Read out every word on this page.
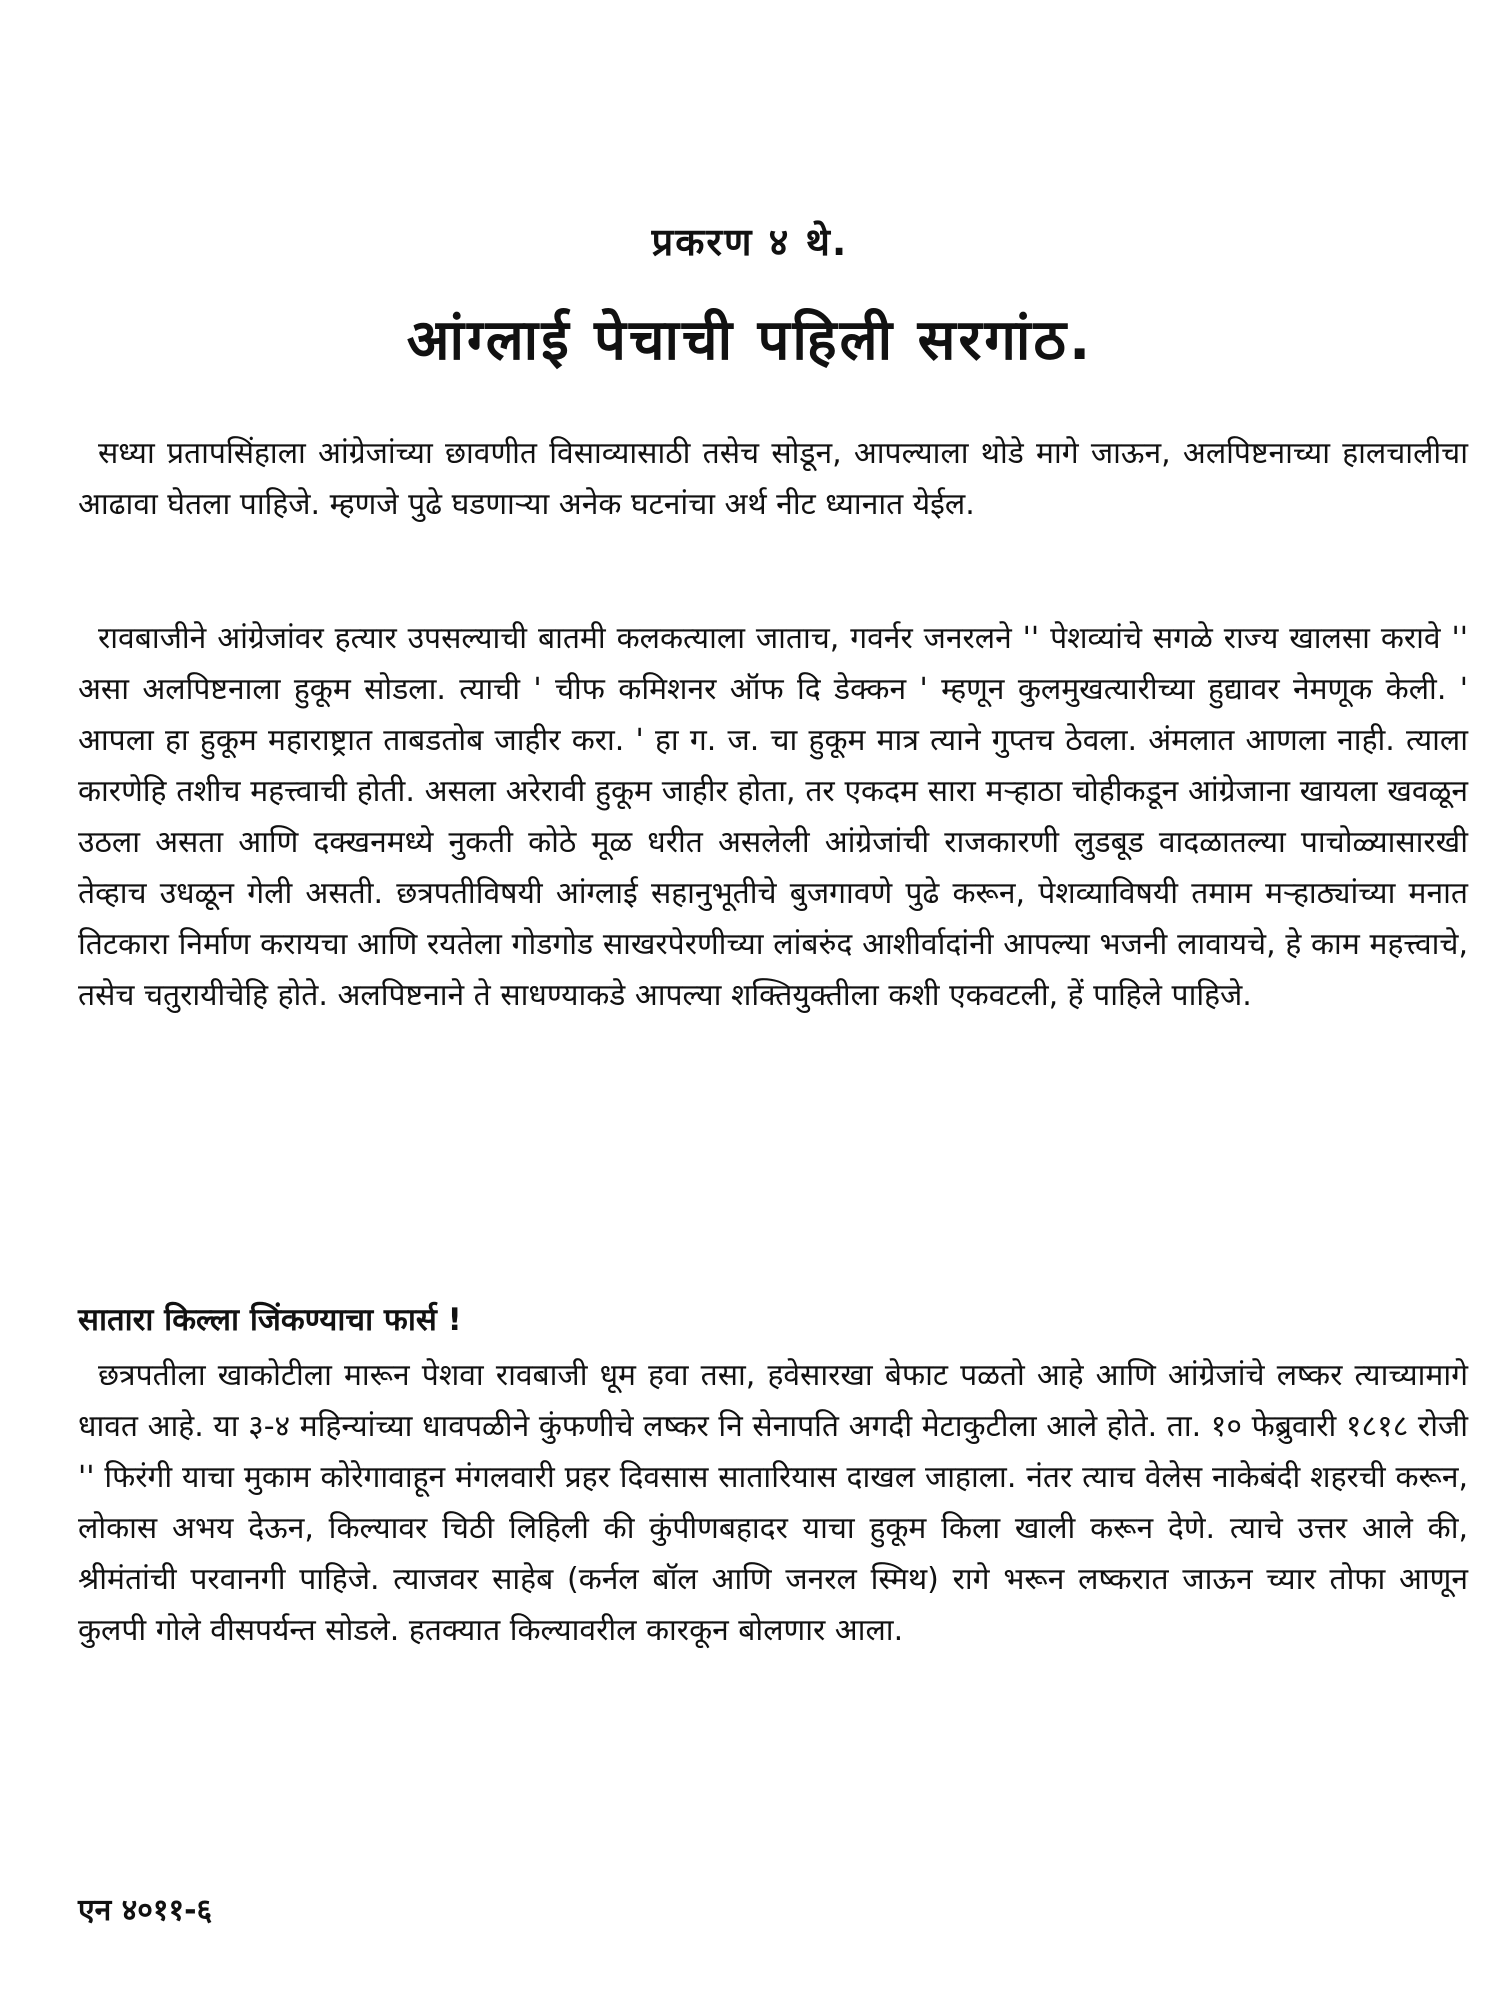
प्रकरण ४ थे.
आंग्लाई पेचाची पहिली सरगांठ.

सध्या प्रतापसिंहाला आंग्रेजांच्या छावणीत विसाव्यासाठी तसेच सोडून, आपल्याला थोडे मागे जाऊन, अलपिष्टनाच्या हालचालीचा आढावा घेतला पाहिजे. म्हणजे पुढे घडणाऱ्या अनेक घटनांचा अर्थ नीट ध्यानात येईल.

रावबाजीने आंग्रेजांवर हत्यार उपसल्याची बातमी कलकत्याला जाताच, गवर्नर जनरलने '' पेशव्यांचे सगळे राज्य खालसा करावे '' असा अलपिष्टनाला हुकूम सोडला. त्याची ' चीफ कमिशनर ऑफ दि डेक्कन ' म्हणून कुलमुखत्यारीच्या हुद्यावर नेमणूक केली. ' आपला हा हुकूम महाराष्ट्रात ताबडतोब जाहीर करा. ' हा ग. ज. चा हुकूम मात्र त्याने गुप्तच ठेवला. अंमलात आणला नाही. त्याला कारणेहि तशीच महत्त्वाची होती. असला अरेरावी हुकूम जाहीर होता, तर एकदम सारा मऱ्हाठा चोहीकडून आंग्रेजाना खायला खवळून उठला असता आणि दक्खनमध्ये नुकती कोठे मूळ धरीत असलेली आंग्रेजांची राजकारणी लुडबूड वादळातल्या पाचोळ्यासारखी तेव्हाच उधळून गेली असती. छत्रपतीविषयी आंग्लाई सहानुभूतीचे बुजगावणे पुढे करून, पेशव्याविषयी तमाम मऱ्हाठ्यांच्या मनात तिटकारा निर्माण करायचा आणि रयतेला गोडगोड साखरपेरणीच्या लांबरुंद आशीर्वादांनी आपल्या भजनी लावायचे, हे काम महत्त्वाचे, तसेच चतुरायीचेहि होते. अलपिष्टनाने ते साधण्याकडे आपल्या शक्तियुक्तीला कशी एकवटली, हें पाहिले पाहिजे.

सातारा किल्ला जिंकण्याचा फार्स !

छत्रपतीला खाकोटीला मारून पेशवा रावबाजी धूम हवा तसा, हवेसारखा बेफाट पळतो आहे आणि आंग्रेजांचे लष्कर त्याच्यामागे धावत आहे. या ३-४ महिन्यांच्या धावपळीने कुंफणीचे लष्कर नि सेनापति अगदी मेटाकुटीला आले होते. ता. १० फेब्रुवारी १८१८ रोजी '' फिरंगी याचा मुकाम कोरेगावाहून मंगलवारी प्रहर दिवसास सातारियास दाखल जाहाला. नंतर त्याच वेलेस नाकेबंदी शहरची करून, लोकास अभय देऊन, किल्यावर चिठी लिहिली की कुंपीणबहादर याचा हुकूम किला खाली करून देणे. त्याचे उत्तर आले की, श्रीमंतांची परवानगी पाहिजे. त्याजवर साहेब (कर्नल बॉल आणि जनरल स्मिथ) रागे भरून लष्करात जाऊन च्यार तोफा आणून कुलपी गोले वीसपर्यन्त सोडले. हतक्यात किल्यावरील कारकून बोलणार आला.

एन ४०११-६
